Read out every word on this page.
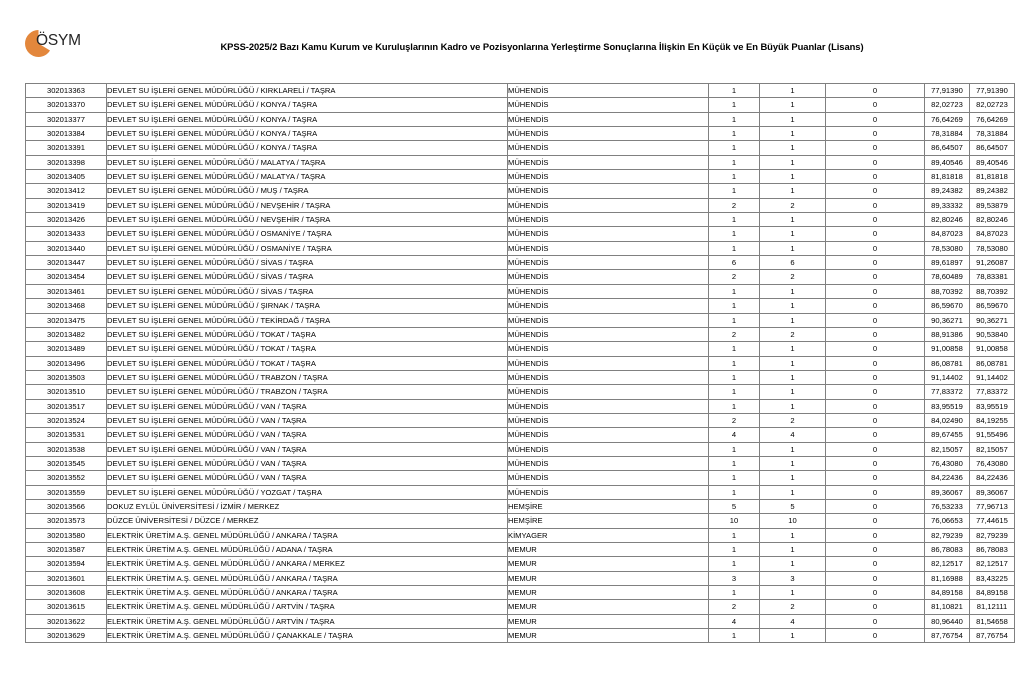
ÖSYM	KPSS-2025/2 Bazı Kamu Kurum ve Kuruluşlarının Kadro ve Pozisyonlarına Yerleştirme Sonuçlarına İlişkin En Küçük ve En Büyük Puanlar (Lisans)
302013363	DEVLET SU İŞLERİ GENEL MÜDÜRLÜĞÜ / KIRKLARELİ / TAŞRA	MÜHENDİS	1	1	0	77,91390	77,91390
302013370	DEVLET SU İŞLERİ GENEL MÜDÜRLÜĞÜ / KONYA / TAŞRA	MÜHENDİS	1	1	0	82,02723	82,02723
302013377	DEVLET SU İŞLERİ GENEL MÜDÜRLÜĞÜ / KONYA / TAŞRA	MÜHENDİS	1	1	0	76,64269	76,64269
302013384	DEVLET SU İŞLERİ GENEL MÜDÜRLÜĞÜ / KONYA / TAŞRA	MÜHENDİS	1	1	0	78,31884	78,31884
302013391	DEVLET SU İŞLERİ GENEL MÜDÜRLÜĞÜ / KONYA / TAŞRA	MÜHENDİS	1	1	0	86,64507	86,64507
302013398	DEVLET SU İŞLERİ GENEL MÜDÜRLÜĞÜ / MALATYA / TAŞRA	MÜHENDİS	1	1	0	89,40546	89,40546
302013405	DEVLET SU İŞLERİ GENEL MÜDÜRLÜĞÜ / MALATYA / TAŞRA	MÜHENDİS	1	1	0	81,81818	81,81818
302013412	DEVLET SU İŞLERİ GENEL MÜDÜRLÜĞÜ / MUŞ / TAŞRA	MÜHENDİS	1	1	0	89,24382	89,24382
302013419	DEVLET SU İŞLERİ GENEL MÜDÜRLÜĞÜ / NEVŞEHİR / TAŞRA	MÜHENDİS	2	2	0	89,33332	89,53879
302013426	DEVLET SU İŞLERİ GENEL MÜDÜRLÜĞÜ / NEVŞEHİR / TAŞRA	MÜHENDİS	1	1	0	82,80246	82,80246
302013433	DEVLET SU İŞLERİ GENEL MÜDÜRLÜĞÜ / OSMANİYE / TAŞRA	MÜHENDİS	1	1	0	84,87023	84,87023
302013440	DEVLET SU İŞLERİ GENEL MÜDÜRLÜĞÜ / OSMANİYE / TAŞRA	MÜHENDİS	1	1	0	78,53080	78,53080
302013447	DEVLET SU İŞLERİ GENEL MÜDÜRLÜĞÜ / SİVAS / TAŞRA	MÜHENDİS	6	6	0	89,61897	91,26087
302013454	DEVLET SU İŞLERİ GENEL MÜDÜRLÜĞÜ / SİVAS / TAŞRA	MÜHENDİS	2	2	0	78,60489	78,83381
302013461	DEVLET SU İŞLERİ GENEL MÜDÜRLÜĞÜ / SİVAS / TAŞRA	MÜHENDİS	1	1	0	88,70392	88,70392
302013468	DEVLET SU İŞLERİ GENEL MÜDÜRLÜĞÜ / ŞIRNAK / TAŞRA	MÜHENDİS	1	1	0	86,59670	86,59670
302013475	DEVLET SU İŞLERİ GENEL MÜDÜRLÜĞÜ / TEKİRDAĞ / TAŞRA	MÜHENDİS	1	1	0	90,36271	90,36271
302013482	DEVLET SU İŞLERİ GENEL MÜDÜRLÜĞÜ / TOKAT / TAŞRA	MÜHENDİS	2	2	0	88,91386	90,53840
302013489	DEVLET SU İŞLERİ GENEL MÜDÜRLÜĞÜ / TOKAT / TAŞRA	MÜHENDİS	1	1	0	91,00858	91,00858
302013496	DEVLET SU İŞLERİ GENEL MÜDÜRLÜĞÜ / TOKAT / TAŞRA	MÜHENDİS	1	1	0	86,08781	86,08781
302013503	DEVLET SU İŞLERİ GENEL MÜDÜRLÜĞÜ / TRABZON / TAŞRA	MÜHENDİS	1	1	0	91,14402	91,14402
302013510	DEVLET SU İŞLERİ GENEL MÜDÜRLÜĞÜ / TRABZON / TAŞRA	MÜHENDİS	1	1	0	77,83372	77,83372
302013517	DEVLET SU İŞLERİ GENEL MÜDÜRLÜĞÜ / VAN / TAŞRA	MÜHENDİS	1	1	0	83,95519	83,95519
302013524	DEVLET SU İŞLERİ GENEL MÜDÜRLÜĞÜ / VAN / TAŞRA	MÜHENDİS	2	2	0	84,02490	84,19255
302013531	DEVLET SU İŞLERİ GENEL MÜDÜRLÜĞÜ / VAN / TAŞRA	MÜHENDİS	4	4	0	89,67455	91,55496
302013538	DEVLET SU İŞLERİ GENEL MÜDÜRLÜĞÜ / VAN / TAŞRA	MÜHENDİS	1	1	0	82,15057	82,15057
302013545	DEVLET SU İŞLERİ GENEL MÜDÜRLÜĞÜ / VAN / TAŞRA	MÜHENDİS	1	1	0	76,43080	76,43080
302013552	DEVLET SU İŞLERİ GENEL MÜDÜRLÜĞÜ / VAN / TAŞRA	MÜHENDİS	1	1	0	84,22436	84,22436
302013559	DEVLET SU İŞLERİ GENEL MÜDÜRLÜĞÜ / YOZGAT / TAŞRA	MÜHENDİS	1	1	0	89,36067	89,36067
302013566	DOKUZ EYLÜL ÜNİVERSİTESİ / İZMİR / MERKEZ	HEMŞİRE	5	5	0	76,53233	77,96713
302013573	DÜZCE ÜNİVERSİTESİ / DÜZCE / MERKEZ	HEMŞİRE	10	10	0	76,06653	77,44615
302013580	ELEKTRİK ÜRETİM A.Ş. GENEL MÜDÜRLÜĞÜ / ANKARA / TAŞRA	KİMYAGER	1	1	0	82,79239	82,79239
302013587	ELEKTRİK ÜRETİM A.Ş. GENEL MÜDÜRLÜĞÜ / ADANA / TAŞRA	MEMUR	1	1	0	86,78083	86,78083
302013594	ELEKTRİK ÜRETİM A.Ş. GENEL MÜDÜRLÜĞÜ / ANKARA / MERKEZ	MEMUR	1	1	0	82,12517	82,12517
302013601	ELEKTRİK ÜRETİM A.Ş. GENEL MÜDÜRLÜĞÜ / ANKARA / TAŞRA	MEMUR	3	3	0	81,16988	83,43225
302013608	ELEKTRİK ÜRETİM A.Ş. GENEL MÜDÜRLÜĞÜ / ANKARA / TAŞRA	MEMUR	1	1	0	84,89158	84,89158
302013615	ELEKTRİK ÜRETİM A.Ş. GENEL MÜDÜRLÜĞÜ / ARTVİN / TAŞRA	MEMUR	2	2	0	81,10821	81,12111
302013622	ELEKTRİK ÜRETİM A.Ş. GENEL MÜDÜRLÜĞÜ / ARTVİN / TAŞRA	MEMUR	4	4	0	80,96440	81,54658
302013629	ELEKTRİK ÜRETİM A.Ş. GENEL MÜDÜRLÜĞÜ / ÇANAKKALE / TAŞRA	MEMUR	1	1	0	87,76754	87,76754
